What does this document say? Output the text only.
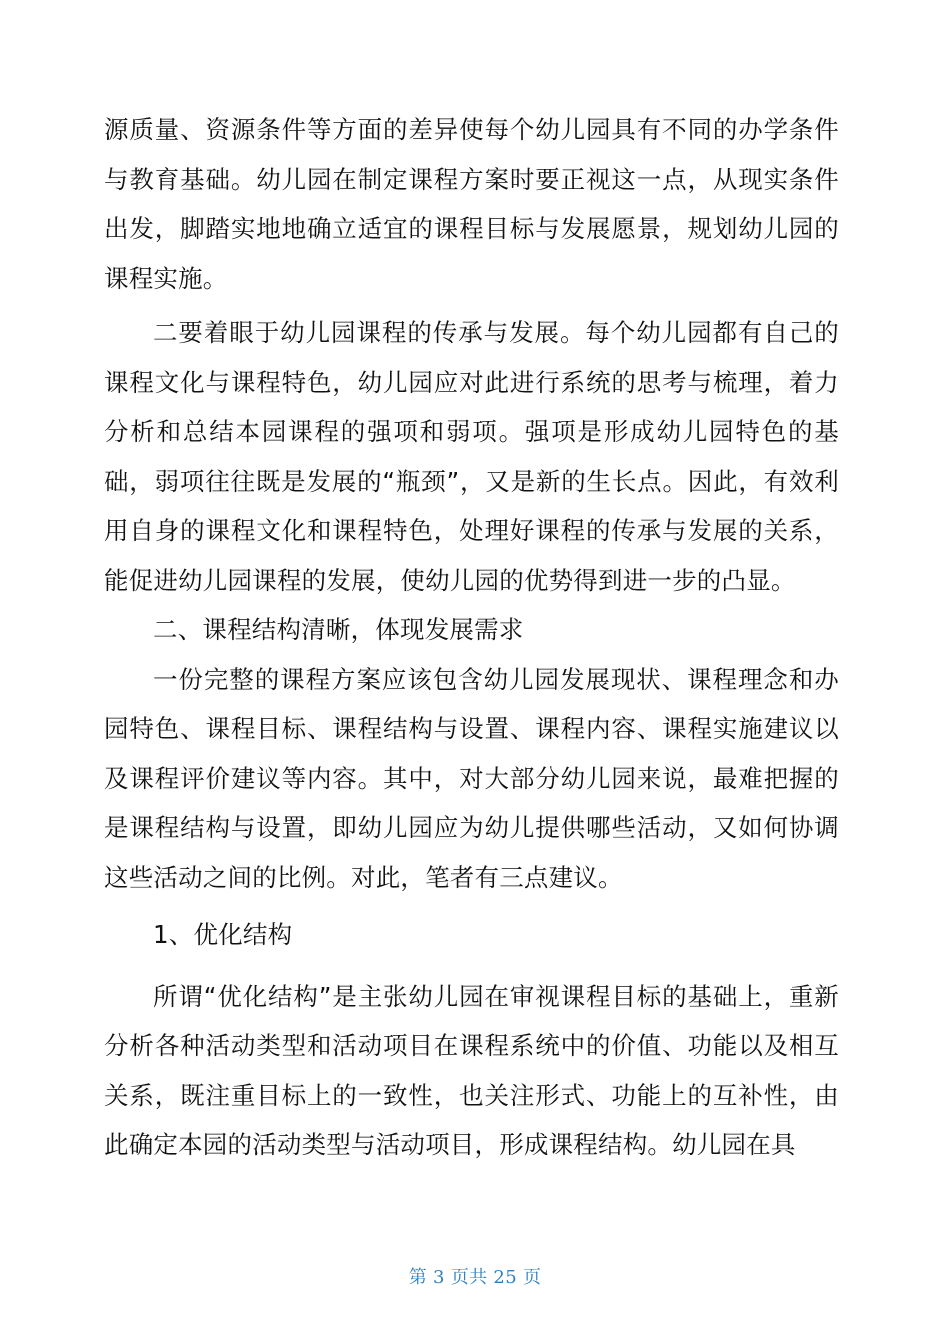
源质量、资源条件等方面的差异使每个幼儿园具有不同的办学条件与教育基础。幼儿园在制定课程方案时要正视这一点，从现实条件出发，脚踏实地地确立适宜的课程目标与发展愿景，规划幼儿园的课程实施。

二要着眼于幼儿园课程的传承与发展。每个幼儿园都有自己的课程文化与课程特色，幼儿园应对此进行系统的思考与梳理，着力分析和总结本园课程的强项和弱项。强项是形成幼儿园特色的基础，弱项往往既是发展的“瓶颈”，又是新的生长点。因此，有效利用自身的课程文化和课程特色，处理好课程的传承与发展的关系，能促进幼儿园课程的发展，使幼儿园的优势得到进一步的凸显。

二、课程结构清晰，体现发展需求

一份完整的课程方案应该包含幼儿园发展现状、课程理念和办园特色、课程目标、课程结构与设置、课程内容、课程实施建议以及课程评价建议等内容。其中，对大部分幼儿园来说，最难把握的是课程结构与设置，即幼儿园应为幼儿提供哪些活动，又如何协调这些活动之间的比例。对此，笔者有三点建议。

1、优化结构

所谓“优化结构”是主张幼儿园在审视课程目标的基础上，重新分析各种活动类型和活动项目在课程系统中的价值、功能以及相互关系，既注重目标上的一致性，也关注形式、功能上的互补性，由此确定本园的活动类型与活动项目，形成课程结构。幼儿园在具

第 3 页共 25 页
